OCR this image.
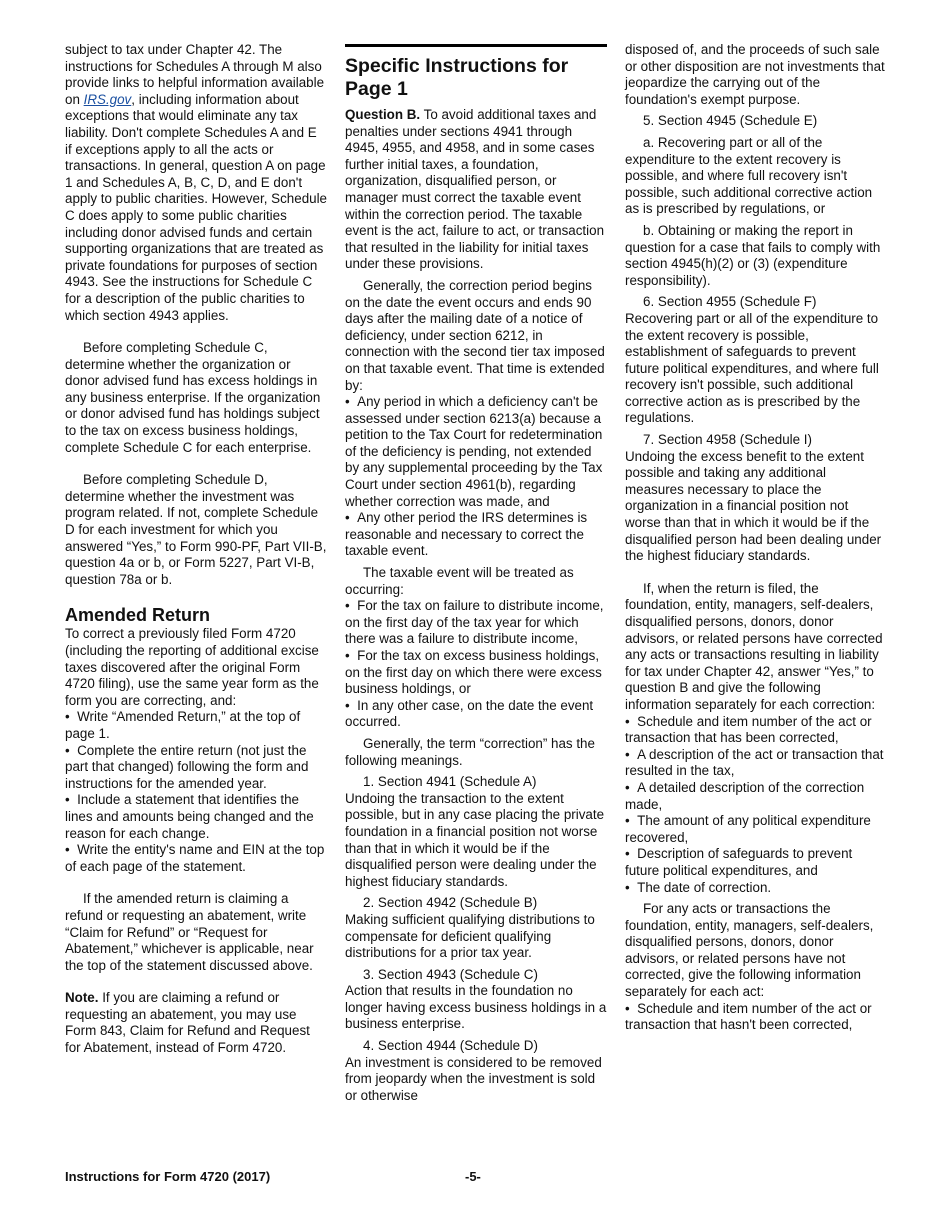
subject to tax under Chapter 42. The instructions for Schedules A through M also provide links to helpful information available on IRS.gov, including information about exceptions that would eliminate any tax liability. Don't complete Schedules A and E if exceptions apply to all the acts or transactions. In general, question A on page 1 and Schedules A, B, C, D, and E don't apply to public charities. However, Schedule C does apply to some public charities including donor advised funds and certain supporting organizations that are treated as private foundations for purposes of section 4943. See the instructions for Schedule C for a description of the public charities to which section 4943 applies.

Before completing Schedule C, determine whether the organization or donor advised fund has excess holdings in any business enterprise. If the organization or donor advised fund has holdings subject to the tax on excess business holdings, complete Schedule C for each enterprise.

Before completing Schedule D, determine whether the investment was program related. If not, complete Schedule D for each investment for which you answered “Yes,” to Form 990-PF, Part VII-B, question 4a or b, or Form 5227, Part VI-B, question 78a or b.

Amended Return

To correct a previously filed Form 4720 (including the reporting of additional excise taxes discovered after the original Form 4720 filing), use the same year form as the form you are correcting, and:

•  Write “Amended Return,” at the top of page 1.

•  Complete the entire return (not just the part that changed) following the form and instructions for the amended year.

•  Include a statement that identifies the lines and amounts being changed and the reason for each change.

•  Write the entity's name and EIN at the top of each page of the statement.

If the amended return is claiming a refund or requesting an abatement, write “Claim for Refund” or “Request for Abatement,” whichever is applicable, near the top of the statement discussed above.

Note. If you are claiming a refund or requesting an abatement, you may use Form 843, Claim for Refund and Request for Abatement, instead of Form 4720.

Specific Instructions for Page 1

Question B. To avoid additional taxes and penalties under sections 4941 through 4945, 4955, and 4958, and in some cases further initial taxes, a foundation, organization, disqualified person, or manager must correct the taxable event within the correction period. The taxable event is the act, failure to act, or transaction that resulted in the liability for initial taxes under these provisions.

Generally, the correction period begins on the date the event occurs and ends 90 days after the mailing date of a notice of deficiency, under section 6212, in connection with the second tier tax imposed on that taxable event. That time is extended by:

•  Any period in which a deficiency can't be assessed under section 6213(a) because a petition to the Tax Court for redetermination of the deficiency is pending, not extended by any supplemental proceeding by the Tax Court under section 4961(b), regarding whether correction was made, and

•  Any other period the IRS determines is reasonable and necessary to correct the taxable event.

The taxable event will be treated as occurring:

•  For the tax on failure to distribute income, on the first day of the tax year for which there was a failure to distribute income,

•  For the tax on excess business holdings, on the first day on which there were excess business holdings, or

•  In any other case, on the date the event occurred.

Generally, the term “correction” has the following meanings.

1. Section 4941 (Schedule A)

Undoing the transaction to the extent possible, but in any case placing the private foundation in a financial position not worse than that in which it would be if the disqualified person were dealing under the highest fiduciary standards.

2. Section 4942 (Schedule B)

Making sufficient qualifying distributions to compensate for deficient qualifying distributions for a prior tax year.

3. Section 4943 (Schedule C)

Action that results in the foundation no longer having excess business holdings in a business enterprise.

4. Section 4944 (Schedule D)

An investment is considered to be removed from jeopardy when the investment is sold or otherwise

disposed of, and the proceeds of such sale or other disposition are not investments that jeopardize the carrying out of the foundation's exempt purpose.

5. Section 4945 (Schedule E)

a. Recovering part or all of the expenditure to the extent recovery is possible, and where full recovery isn't possible, such additional corrective action as is prescribed by regulations, or

b. Obtaining or making the report in question for a case that fails to comply with section 4945(h)(2) or (3) (expenditure responsibility).

6. Section 4955 (Schedule F)

Recovering part or all of the expenditure to the extent recovery is possible, establishment of safeguards to prevent future political expenditures, and where full recovery isn't possible, such additional corrective action as is prescribed by the regulations.

7. Section 4958 (Schedule I)

Undoing the excess benefit to the extent possible and taking any additional measures necessary to place the organization in a financial position not worse than that in which it would be if the disqualified person had been dealing under the highest fiduciary standards.

If, when the return is filed, the foundation, entity, managers, self-dealers, disqualified persons, donors, donor advisors, or related persons have corrected any acts or transactions resulting in liability for tax under Chapter 42, answer “Yes,” to question B and give the following information separately for each correction:

•  Schedule and item number of the act or transaction that has been corrected,

•  A description of the act or transaction that resulted in the tax,

•  A detailed description of the correction made,

•  The amount of any political expenditure recovered,

•  Description of safeguards to prevent future political expenditures, and

•  The date of correction.

For any acts or transactions the foundation, entity, managers, self-dealers, disqualified persons, donors, donor advisors, or related persons have not corrected, give the following information separately for each act:

•  Schedule and item number of the act or transaction that hasn't been corrected,

Instructions for Form 4720 (2017)	-5-
